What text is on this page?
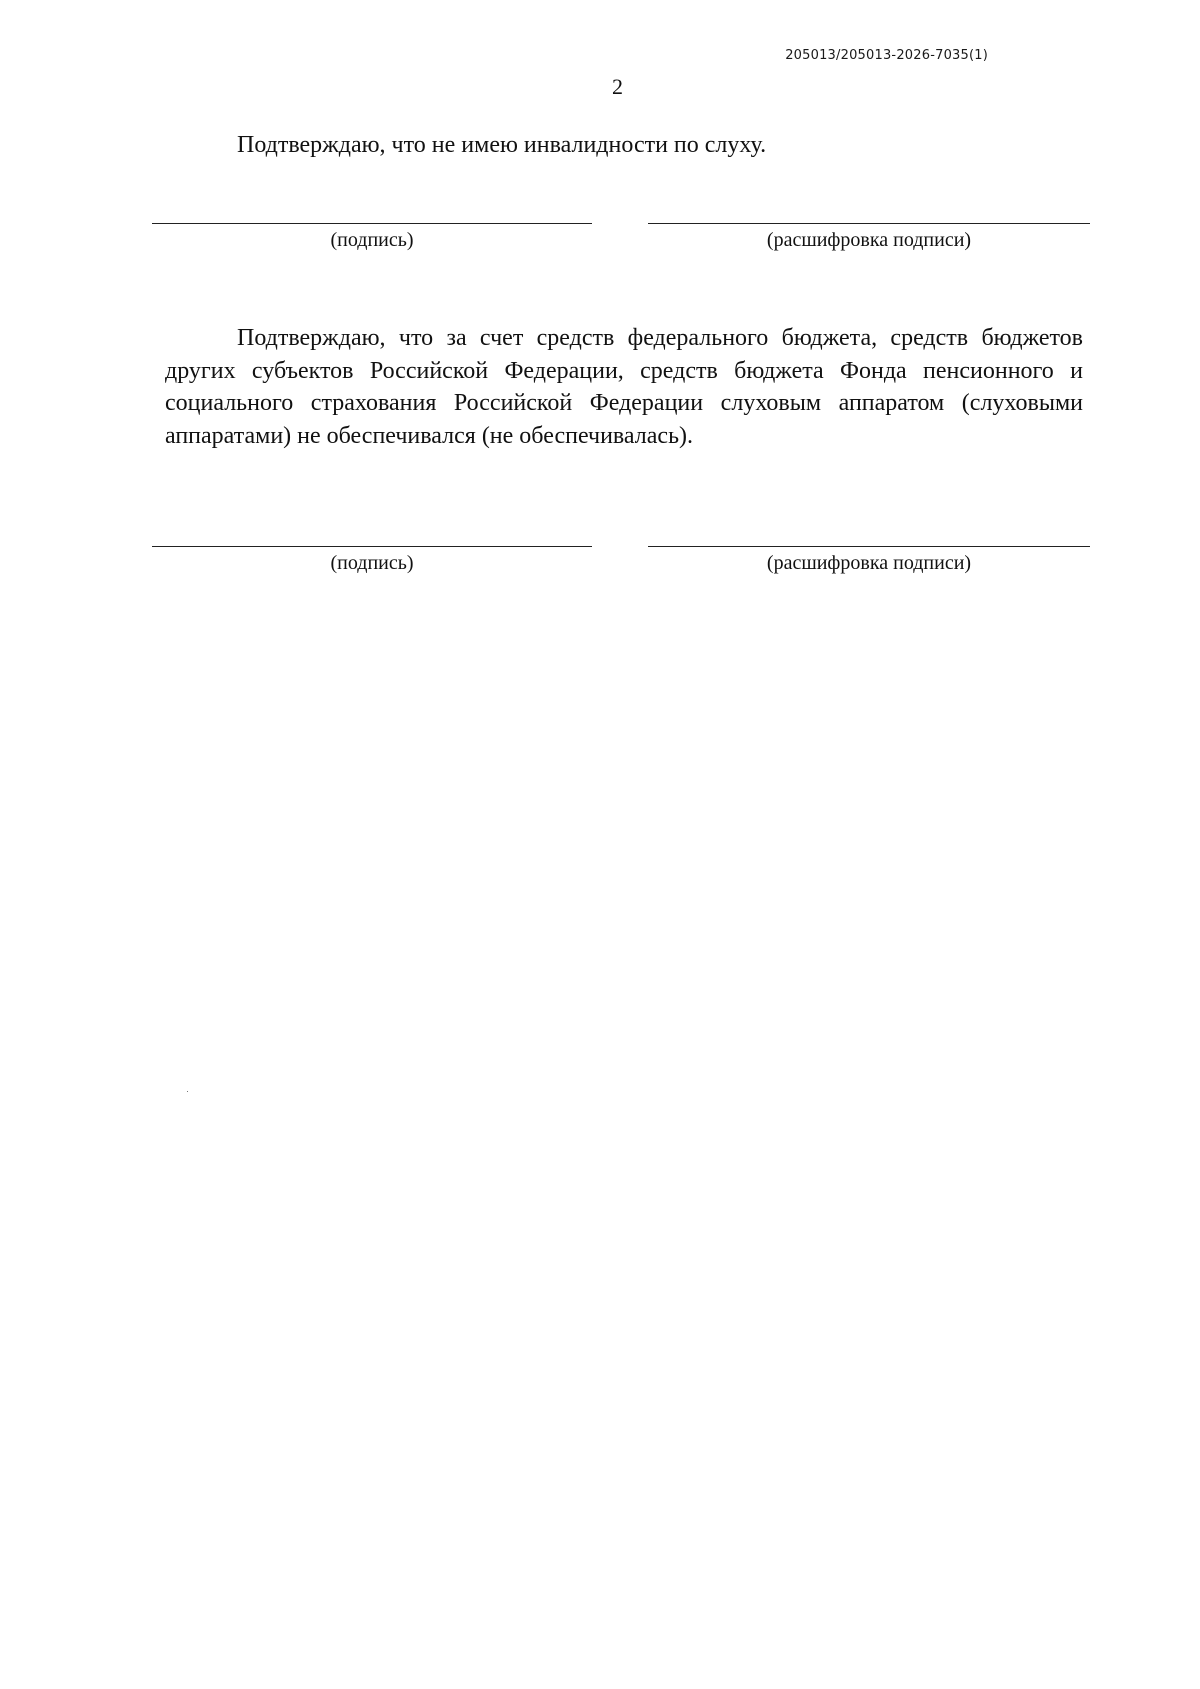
205013/205013-2026-7035(1)
2
Подтверждаю, что не имею инвалидности по слуху.
(подпись)	(расшифровка подписи)

Подтверждаю, что за счет средств федерального бюджета, средств бюджетов других субъектов Российской Федерации, средств бюджета Фонда пенсионного и социального страхования Российской Федерации слуховым аппаратом (слуховыми аппаратами) не обеспечивался (не обеспечивалась).

(подпись)	(расшифровка подписи)
